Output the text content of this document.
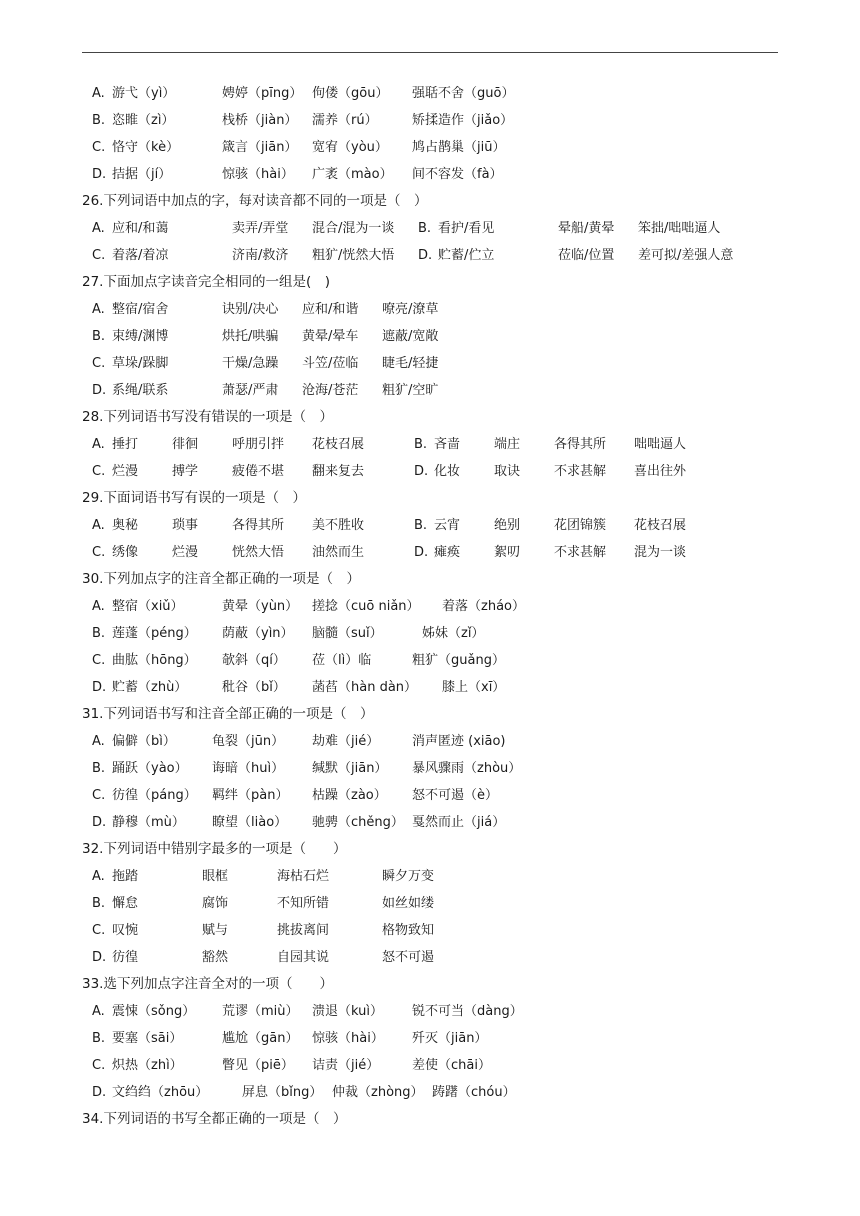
A. 游弋（yì）	娉婷（pīng） 佝偻（gōu） 强聒不舍（guō）
B. 恣睢（zì）	栈桥（jiàn） 濡养（rú）	矫揉造作（jiǎo）
C. 恪守（kè）	箴言（jiān） 宽宥（yòu） 鸠占鹊巢（jiū）
D. 拮据（jí）	惊骇（hài） 广袤（mào） 间不容发（fà）
26.下列词语中加点的字，每对读音都不同的一项是（　）
A. 应和/和蔼	卖弄/弄堂 混合/混为一谈 B. 看护/看见	晕船/黄晕 笨拙/咄咄逼人
C. 着落/着凉	济南/救济 粗犷/恍然大悟 D. 贮蓄/伫立	莅临/位置 差可拟/差强人意
27.下面加点字读音完全相同的一组是(　)
A. 整宿/宿舍	诀别/决心 应和/和谐 嘹亮/潦草
B. 束缚/渊博	烘托/哄骗 黄晕/晕车 遮蔽/宽敞
C. 草垛/跺脚	干燥/急躁 斗笠/莅临 睫毛/轻捷
D. 系绳/联系	萧瑟/严肃 沧海/苍茫 粗犷/空旷
28.下列词语书写没有错误的一项是（　）
A. 捶打	徘徊	呼朋引拌 花枝召展	B. 吝啬	端庄	各得其所 咄咄逼人
C. 烂漫	搏学	疲倦不堪 翻来复去	D. 化妆	取诀	不求甚解 喜出往外
29.下面词语书写有误的一项是（　）
A. 奥秘	琐事	各得其所 美不胜收	B. 云宵	绝别	花团锦簇 花枝召展
C. 绣像	烂漫	恍然大悟 油然而生	D. 瘫痪	絮叨	不求甚解 混为一谈
30.下列加点字的注音全都正确的一项是（　）
A. 整宿（xiǔ）	黄晕（yùn） 搓捻（cuō niǎn） 着落（zháo）
B. 莲蓬（péng） 荫蔽（yìn） 脑髓（suǐ）	姊妹（zǐ）
C. 曲肱（hōng） 欹斜（qí） 莅（lì）临	粗犷（guǎng）
D. 贮蓄（zhù）	秕谷（bǐ） 菡萏（hàn dàn） 膝上（xī）
31.下列词语书写和注音全部正确的一项是（　）
A. 偏僻（bì）	龟裂（jūn） 劫难（jié）	消声匿迹 (xiāo)
B. 踊跃（yào） 诲暗（huì） 缄默（jiān） 暴风骤雨（zhòu）
C. 彷徨（páng） 羁绊（pàn） 枯躁（zào） 怒不可遏（è）
D. 静穆（mù） 瞭望（liào） 驰骋（chěng） 戛然而止（jiá）
32.下列词语中错别字最多的一项是（　　）
A. 拖踏	眼框	海枯石烂	瞬夕万变
B. 懈怠	腐饰	不知所错	如丝如缕
C. 叹惋	赋与	挑拔离间	格物致知
D. 彷徨	豁然	自园其说	怒不可遏
33.选下列加点字注音全对的一项（　　）
A. 震悚（sǒng） 荒谬（miù） 溃退（kuì） 锐不可当（dàng）
B. 要塞（sāi）	尴尬（gān） 惊骇（hài） 歼灭（jiān）
C. 炽热（zhì）	瞥见（piē） 诘责（jié）	差使（chāi）
D. 文绉绉（zhōu）	屏息（bǐng） 仲裁（zhòng） 踌躇（chóu）
34.下列词语的书写全都正确的一项是（　）
